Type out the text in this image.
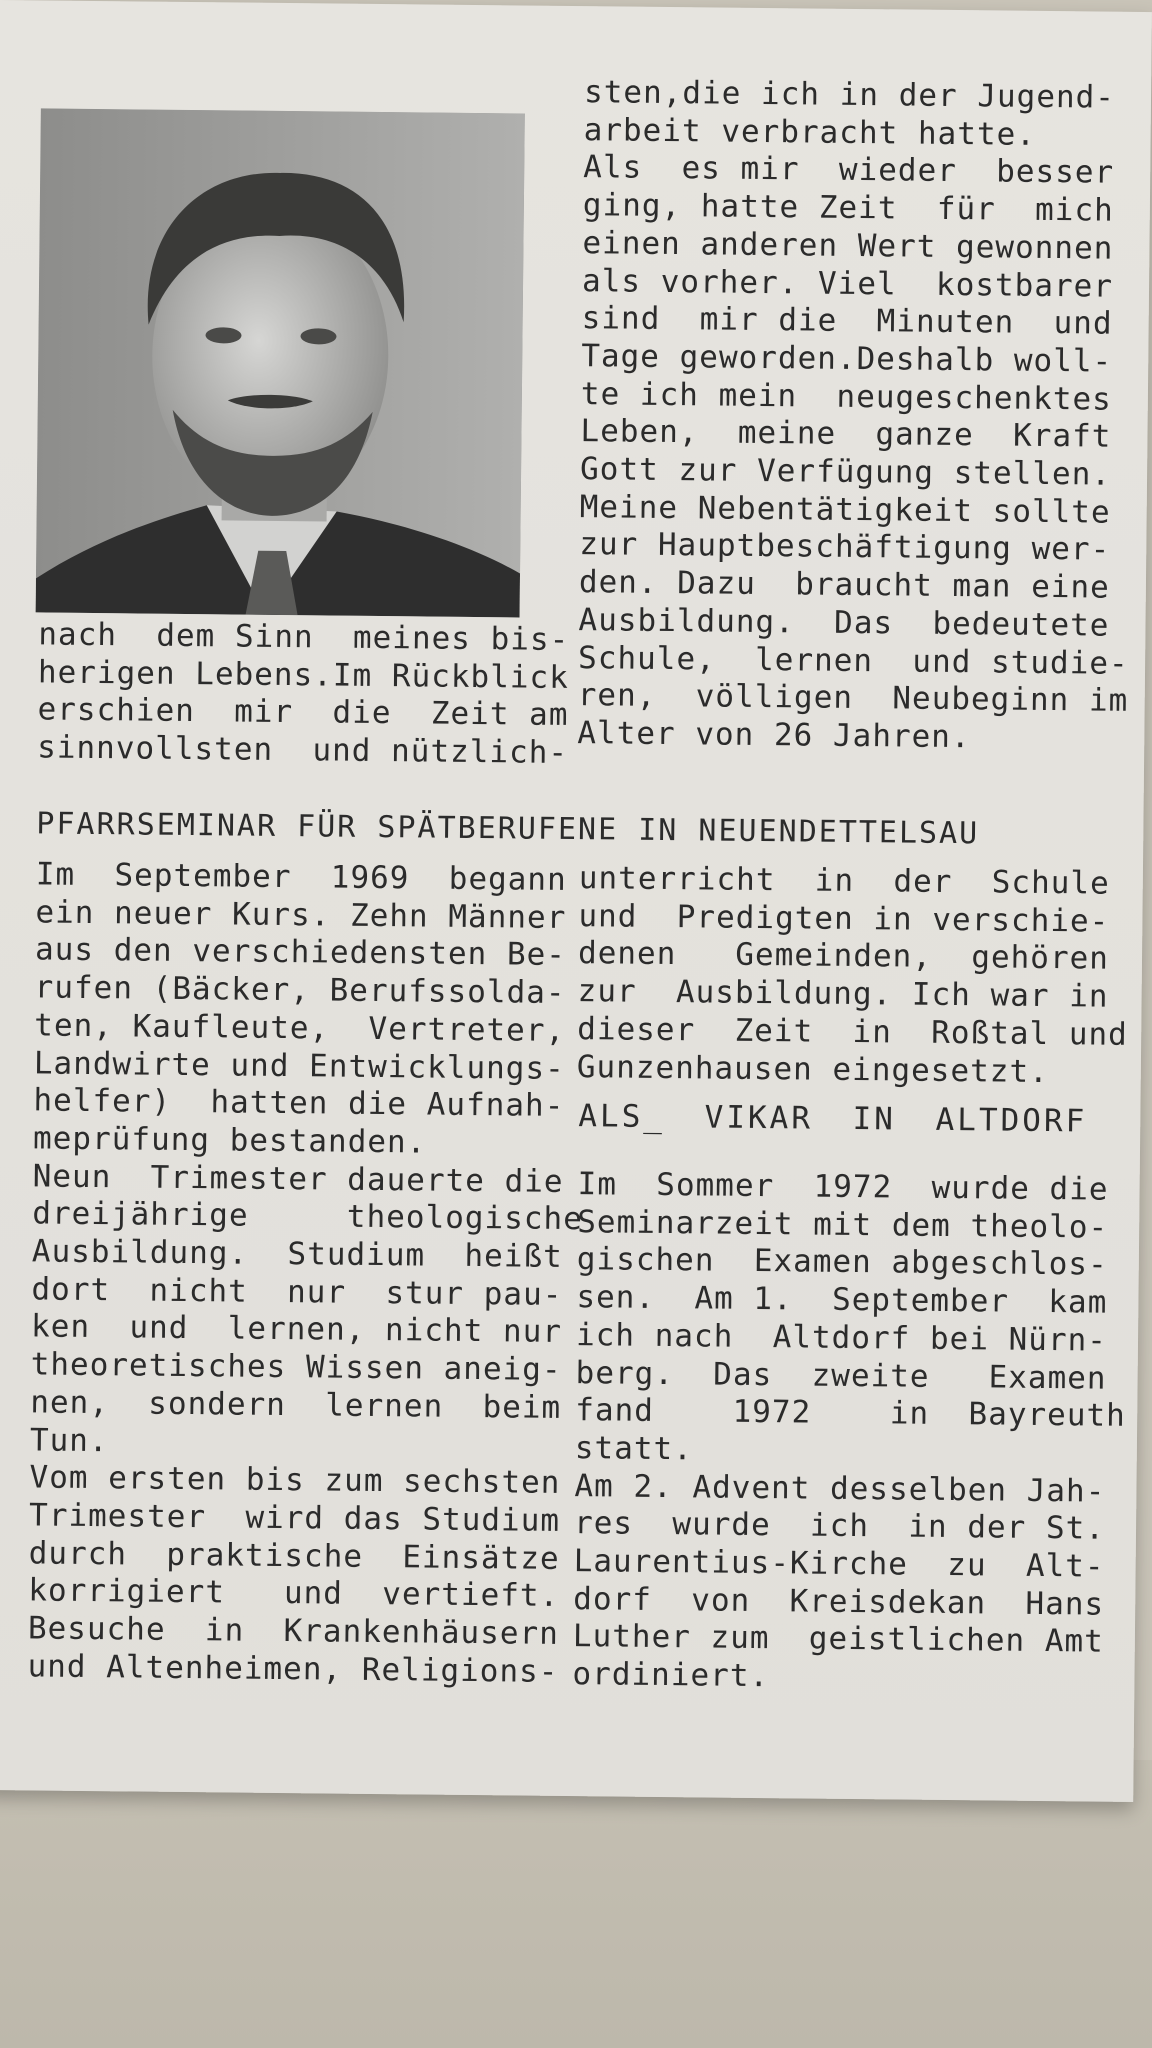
sten,die ich in der Jugend-
arbeit verbracht hatte.
Als  es mir  wieder  besser
ging, hatte Zeit  für  mich
einen anderen Wert gewonnen
als vorher. Viel  kostbarer
sind  mir die  Minuten  und
Tage geworden.Deshalb woll-
te ich mein  neugeschenktes
Leben,  meine  ganze  Kraft
Gott zur Verfügung stellen.
Meine Nebentätigkeit sollte
zur Hauptbeschäftigung wer-
den. Dazu  braucht man eine
Ausbildung.  Das  bedeutete
Schule,  lernen  und studie-
ren,  völligen  Neubeginn im
Alter von 26 Jahren.
nach  dem Sinn  meines bis-
herigen Lebens.Im Rückblick
erschien  mir  die  Zeit am
sinnvollsten  und nützlich-
PFARRSEMINAR FÜR SPÄTBERUFENE IN NEUENDETTELSAU
Im  September  1969  begann
ein neuer Kurs. Zehn Männer
aus den verschiedensten Be-
rufen (Bäcker, Berufssolda-
ten, Kaufleute,  Vertreter,
Landwirte und Entwicklungs-
helfer)  hatten die Aufnah-
meprüfung bestanden.
Neun  Trimester dauerte die
dreijährige     theologische
Ausbildung.  Studium  heißt
dort  nicht  nur  stur pau-
ken  und  lernen, nicht nur
theoretisches Wissen aneig-
nen,  sondern  lernen  beim
Tun.
Vom ersten bis zum sechsten
Trimester  wird das Studium
durch  praktische  Einsätze
korrigiert   und  vertieft.
Besuche  in  Krankenhäusern
und Altenheimen, Religions-
unterricht  in  der  Schule
und  Predigten in verschie-
denen   Gemeinden,  gehören
zur  Ausbildung. Ich war in
dieser  Zeit  in  Roßtal und
Gunzenhausen eingesetzt.
ALS_ VIKAR IN ALTDORF
Im  Sommer  1972  wurde die
Seminarzeit mit dem theolo-
gischen  Examen abgeschlos-
sen.  Am 1.  September  kam
ich nach  Altdorf bei Nürn-
berg.  Das  zweite   Examen
fand    1972    in  Bayreuth
statt.
Am 2. Advent desselben Jah-
res  wurde  ich  in der St.
Laurentius-Kirche  zu  Alt-
dorf  von  Kreisdekan  Hans
Luther zum  geistlichen Amt
ordiniert.
